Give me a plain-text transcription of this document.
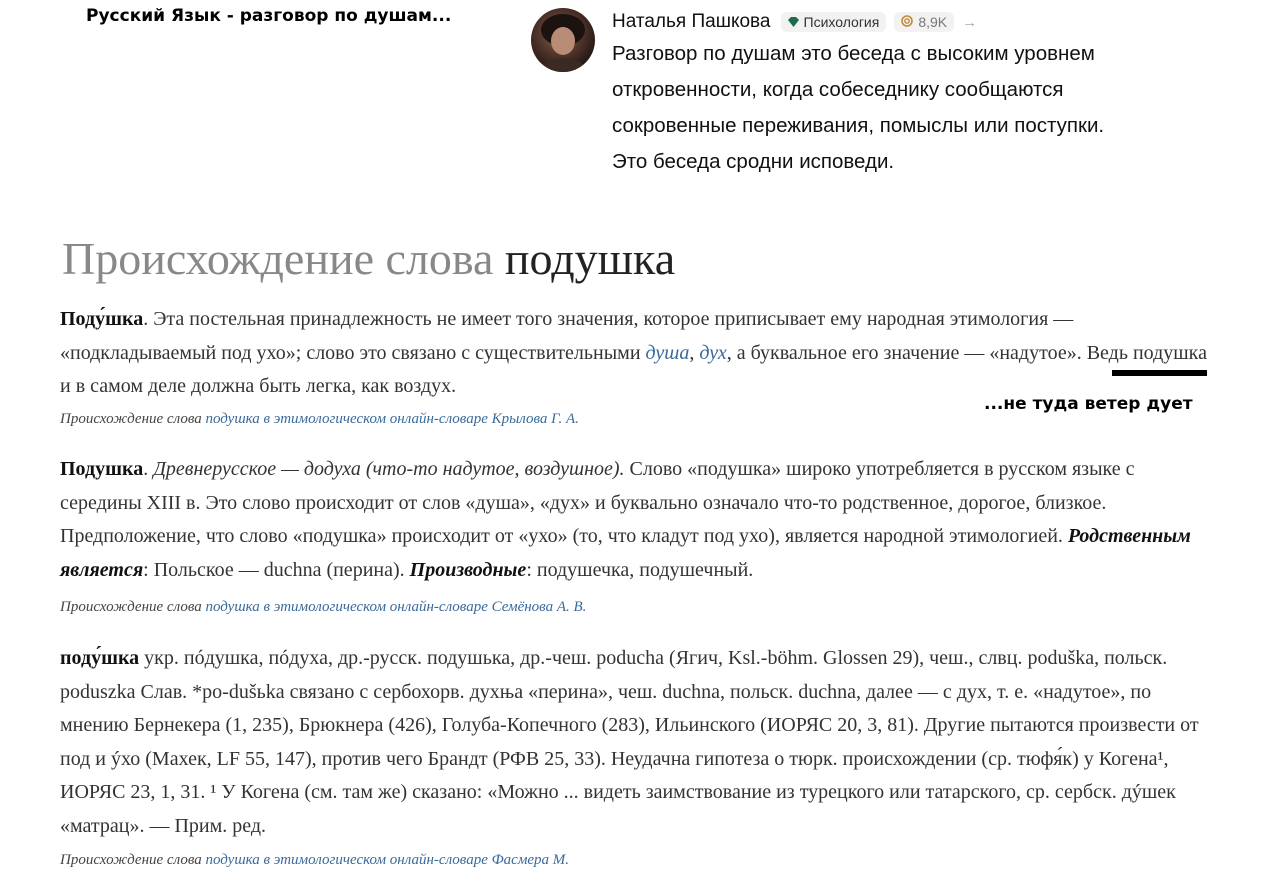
Русский Язык - разговор по душам...	Наталья Пашкова Психология	8,9K →

Разговор по душам это беседа с высоким уровнем

откровенности, когда собеседнику сообщаются

сокровенные переживания, помыслы или поступки.

Это беседа сродни исповеди.

Происхождение слова подушка

Поду́шка. Эта постельная принадлежность не имеет того значения, которое приписывает ему народная этимология — «подкладываемый под ухо»; слово это связано с существительными душа, дух, а буквальное его значение — «надутое». Ведь подушка и в самом деле должна быть легка, как воздух.

...не туда ветер дует
Происхождение слова подушка в этимологическом онлайн-словаре Крылова Г. А.

Подушка. Древнерусское — додуха (что-то надутое, воздушное). Слово «подушка» широко употребляется в русском языке с середины XIII в. Это слово происходит от слов «душа», «дух» и буквально означало что-то родственное, дорогое, близкое. Предположение, что слово «подушка» происходит от «ухо» (то, что кладут под ухо), является народной этимологией. Родственным является: Польское — duchna (перина). Производные: подушечка, подушечный.

Происхождение слова подушка в этимологическом онлайн-словаре Семёнова А. В.

поду́шка укр. пóдушка, пóдуха, др.-русск. подушька, др.-чеш. poducha (Ягич, Ksl.-böhm. Glossen 29), чеш., слвц. poduška, польск. poduszka Слав. *po-dušьka связано с сербохорв. духња «перина», чеш. duchna, польск. duchna, далее — с дух, т. е. «надутое», по мнению Бернекера (1, 235), Брюкнера (426), Голуба-Копечного (283), Ильинского (ИОРЯС 20, 3, 81). Другие пытаются произвести от под и ýхо (Махек, LF 55, 147), против чего Брандт (РФВ 25, 33). Неудачна гипотеза о тюрк. происхождении (ср. тюфя́к) у Когена¹, ИОРЯС 23, 1, 31. ¹ У Когена (см. там же) сказано: «Можно ... видеть заимствование из турецкого или татарского, ср. сербск. дýшек «матрац». — Прим. ред.

Происхождение слова подушка в этимологическом онлайн-словаре Фасмера М.
